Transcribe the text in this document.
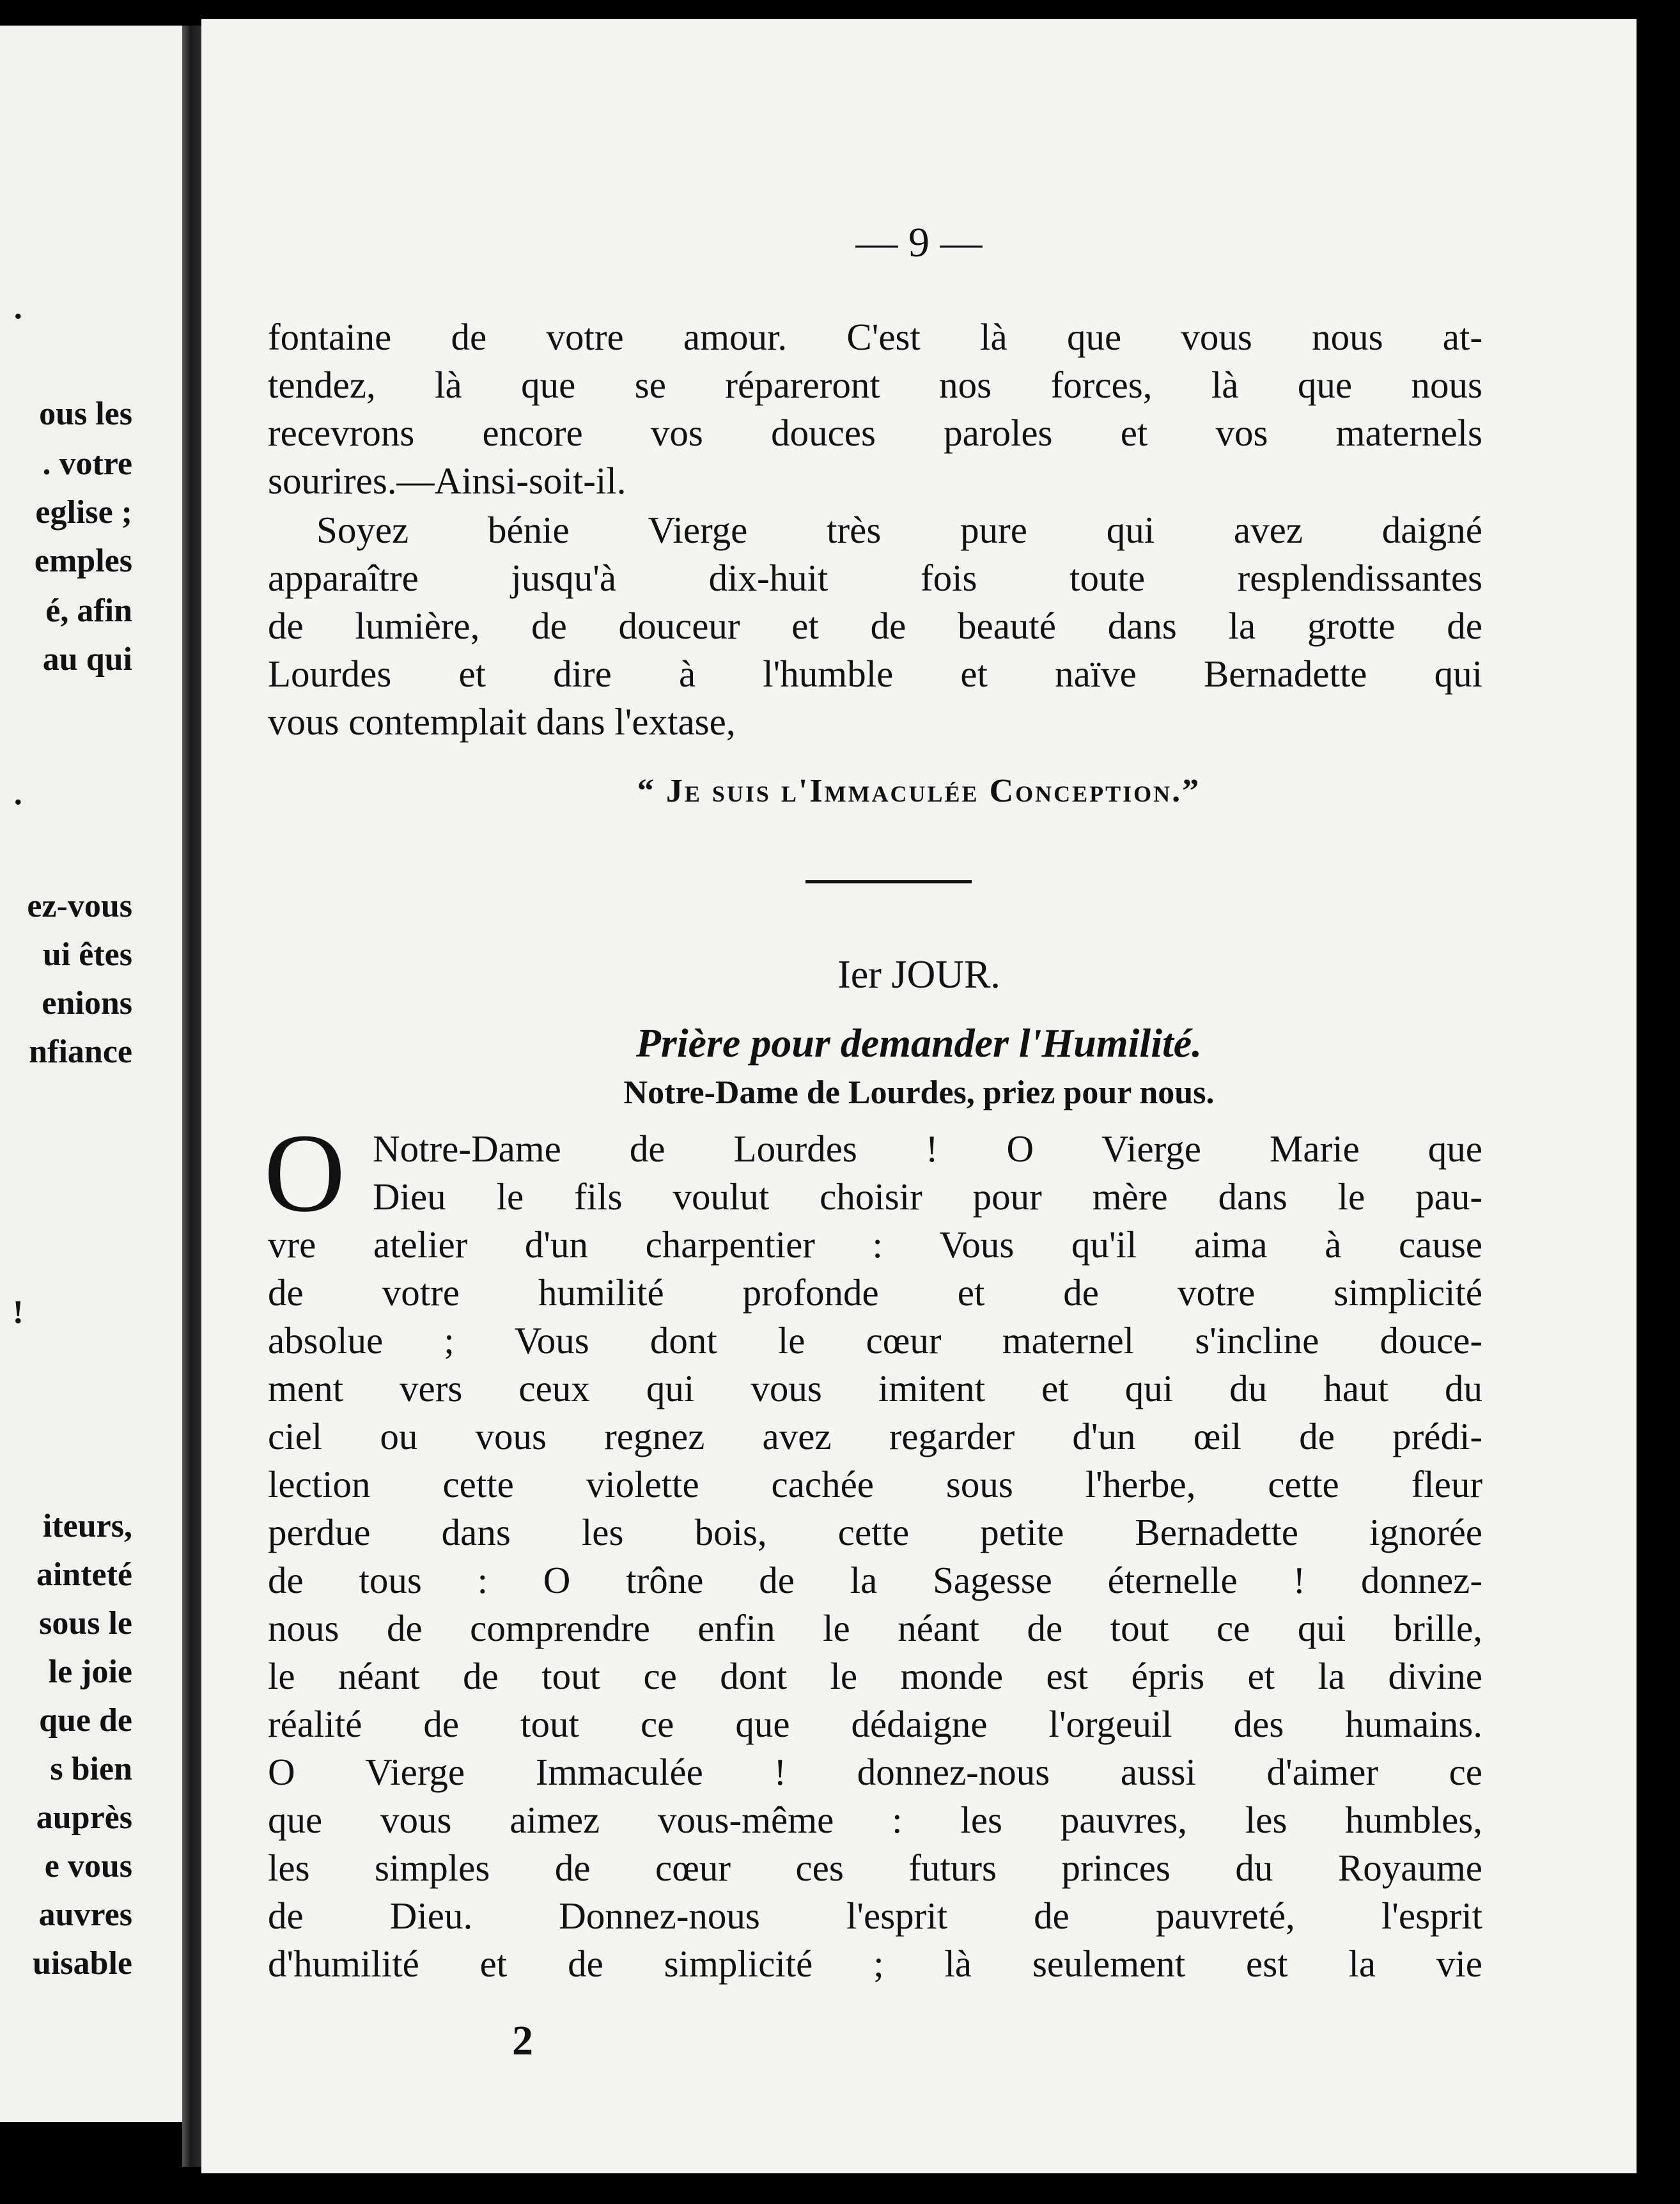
·
ous les
. votre
eglise ;
emples
é, afin
au qui
·
ez-vous
ui êtes
enions
nfiance
!
iteurs,
ainteté
sous le
le joie
que de
s bien
auprès
e vous
auvres
uisable
— 9 —
fontaine de votre amour. C'est là que vous nous at-
tendez, là que se répareront nos forces, là que nous
recevrons encore vos douces paroles et vos maternels
sourires.—Ainsi-soit-il.
Soyez bénie Vierge très pure qui avez daigné
apparaître jusqu'à dix-huit fois toute resplendissantes
de lumière, de douceur et de beauté dans la grotte de
Lourdes et dire à l'humble et naïve Bernadette qui
vous contemplait dans l'extase,
“ Je suis l'Immaculée Conception.”
Ier JOUR.
Prière pour demander l'Humilité.
Notre-Dame de Lourdes, priez pour nous.
O Notre-Dame de Lourdes ! O Vierge Marie que
Dieu le fils voulut choisir pour mère dans le pau-
vre atelier d'un charpentier : Vous qu'il aima à cause
de votre humilité profonde et de votre simplicité
absolue ; Vous dont le cœur maternel s'incline douce-
ment vers ceux qui vous imitent et qui du haut du
ciel ou vous regnez avez regarder d'un œil de prédi-
lection cette violette cachée sous l'herbe, cette fleur
perdue dans les bois, cette petite Bernadette ignorée
de tous : O trône de la Sagesse éternelle ! donnez-
nous de comprendre enfin le néant de tout ce qui brille,
le néant de tout ce dont le monde est épris et la divine
réalité de tout ce que dédaigne l'orgeuil des humains.
O Vierge Immaculée ! donnez-nous aussi d'aimer ce
que vous aimez vous-même : les pauvres, les humbles,
les simples de cœur ces futurs princes du Royaume
de Dieu. Donnez-nous l'esprit de pauvreté, l'esprit
d'humilité et de simplicité ; là seulement est la vie
2
